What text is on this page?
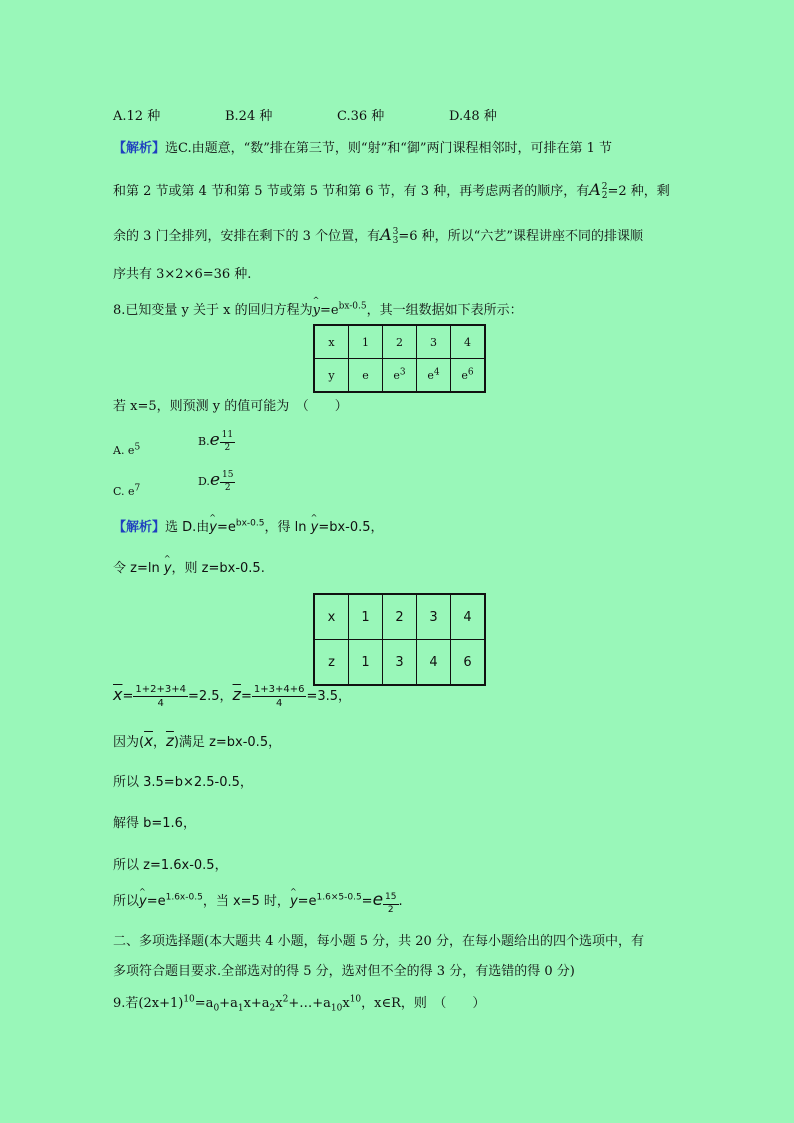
A.12 种	B.24 种	C.36 种	D.48 种
【解析】选C.由题意，“数”排在第三节，则“射”和“御”两门课程相邻时，可排在第 1 节
和第 2 节或第 4 节和第 5 节或第 5 节和第 6 节，有 3 种，再考虑两者的顺序，有A 2
2 =2 种，剩
余的 3 门全排列，安排在剩下的 3 个位置，有A 3
3 =6 种，所以“六艺”课程讲座不同的排课顺
序共有 3×2×6=36 种.
8.已知变量 y 关于 x 的回归方程为^ $y=e^{bx-0.5}$，其一组数据如下表所示：
x	1	2	3	4
y	e	$e^3$	$e^4$	$e^6$
若 x=5，则预测 y 的值可能为　（　　）
A. $e^5$	$B.e \frac{11}{2}$
C. $e^7$
$D.e \frac{15}{2}$
【解析】选 D.由^ $y=e^{bx-0.5}$，得 ln ^ y=bx-0.5，
令 z=ln ^ y，则 z=bx-0.5.
x	1	2	3	4
z	1	3	4	6
$\overline{x}= \frac{1+2+3+4}{4} =2.5$，$\overline{z}= \frac{1+3+4+6}{4} =3.5$，
因为($\overline{x}$，$\overline{z}$)满足 z=bx-0.5，
所以 3.5=b×2.5-0.5，
解得 b=1.6，
所以 z=1.6x-0.5，
所以^ $y=e^{1.6x-0.5}$，当 x=5 时，^ $y=e^{1.6\times 5-0.5}=e \frac{15}{2}$ .
二、多项选择题(本大题共 4 小题，每小题 5 分，共 20 分，在每小题给出的四个选项中，有
多项符合题目要求.全部选对的得 5 分，选对但不全的得 3 分，有选错的得 0 分)
9.若$(2x+1)^{10}=a_0+a_1x+a_2x^2+\dots+a_{10}x^{10}$，x∈R，则　（　　）
